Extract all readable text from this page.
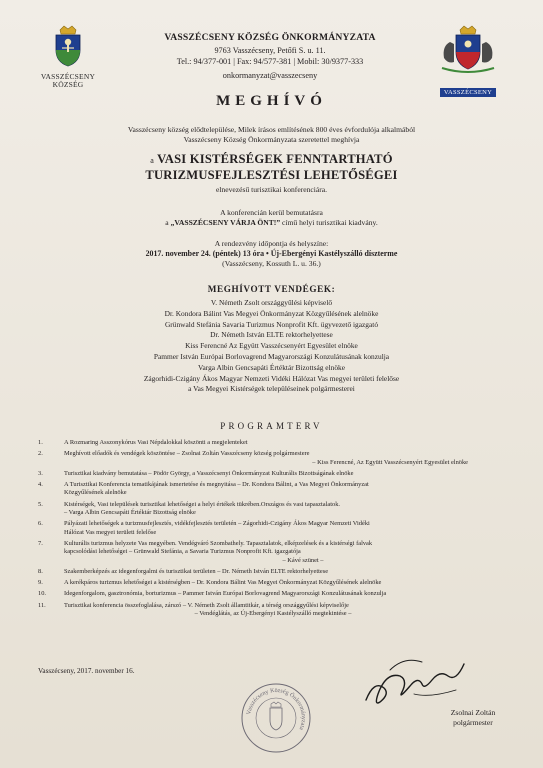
VASSZÉCSENY
KÖZSÉG
VASSZÉCSENY KÖZSÉG ÖNKORMÁNYZATA
9763 Vasszécseny, Petőfi S. u. 11.
Tel.: 94/377-001 | Fax: 94/577-381 | Mobil: 30/9377-333
onkormanyzat@vasszecseny
VASSZÉCSENY
MEGHÍVÓ
Vasszécseny község elődtelepülése, Milek írásos említésének 800 éves évfordulója alkalmából
Vasszécseny Község Önkormányzata szeretettel meghívja
a VASI KISTÉRSÉGEK FENNTARTHATÓ
TURIZMUSFEJLESZTÉSI LEHETŐSÉGEI
elnevezésű turisztikai konferenciára.
A konferencián kerül bemutatásra
a „VASSZÉCSENY VÁRJA ÖNT!” című helyi turisztikai kiadvány.
A rendezvény időpontja és helyszíne:
2017. november 24. (péntek) 13 óra • Új-Ebergényi Kastélyszálló díszterme
(Vasszécseny, Kossuth L. u. 36.)
MEGHÍVOTT VENDÉGEK:
V. Németh Zsolt országgyűlési képviselő
Dr. Kondora Bálint Vas Megyei Önkormányzat Közgyűlésének alelnöke
Grünwald Stefánia Savaria Turizmus Nonprofit Kft. ügyvezető igazgató
Dr. Németh István ELTE rektorhelyettese
Kiss Ferencné Az Együtt Vasszécsenyért Egyesület elnöke
Pammer István Európai Borlovagrend Magyarországi Konzulátusának konzulja
Varga Albin Gencsapáti Értéktár Bizottság elnöke
Zágorhidi-Czigány Ákos Magyar Nemzeti Vidéki Hálózat Vas megyei területi felelőse
a Vas Megyei Kistérségek településeinek polgármesterei
PROGRAMTERV
1.	A Rozmaring Asszonykórus Vasi Népdalokkal köszönti a megjelenteket
2.	Meghívott előadók és vendégek köszöntése – Zsolnai Zoltán Vasszécseny község polgármestere
– Kiss Ferencné, Az Együtt Vasszécsenyért Egyesület elnöke
3.	Turisztikai kiadvány bemutatása – Pödör György, a Vasszécsenyi Önkormányzat Kulturális Bizottságának elnöke
4.	A Turisztikai Konferencia tematikájának ismertetése és megnyitása – Dr. Kondora Bálint, a Vas Megyei Önkormányzat
Közgyűlésének alelnöke
5.	Kistérségek, Vasi települések turisztikai lehetőségei a helyi értékek tükrében.Országos és vasi tapasztalatok.
– Varga Albin Gencsapáti Értéktár Bizottság elnöke
6.	Pályázati lehetőségek a turizmusfejlesztés, vidékfejlesztés területén – Zágorhidi-Czigány Ákos Magyar Nemzeti Vidéki
Hálózat Vas megyei területi felelőse
7.	Kulturális turizmus helyzete Vas megyében. Vendégváró Szombathely. Tapasztalatok, elképzelések és a kistérségi falvak
kapcsolódási lehetőségei – Grünwald Stefánia, a Savaria Turizmus Nonprofit Kft. igazgatója
– Kávé szünet –
8.	Szakemberképzés az idegenforgalmi és turisztikai területen – Dr. Németh István ELTE rektorhelyettese
9.	A kerékpáros turizmus lehetőségei a kistérségben – Dr. Kondora Bálint Vas Megyei Önkormányzat Közgyűlésének alelnöke
10.	Idegenforgalom, gasztronómia, borturizmus – Pammer István Európai Borlovagrend Magyarországi Konzulátusának konzulja
11.	Turisztikai konferencia összefoglalása, zárszó – V. Németh Zsolt államtitkár, a térség országgyűlési képviselője
– Vendéglátás, az Új-Ebergényi Kastélyszálló megtekintése –
Vasszécseny, 2017. november 16.
Vasszécseny Község Önkormányzata
Zsolnai Zoltán
polgármester
